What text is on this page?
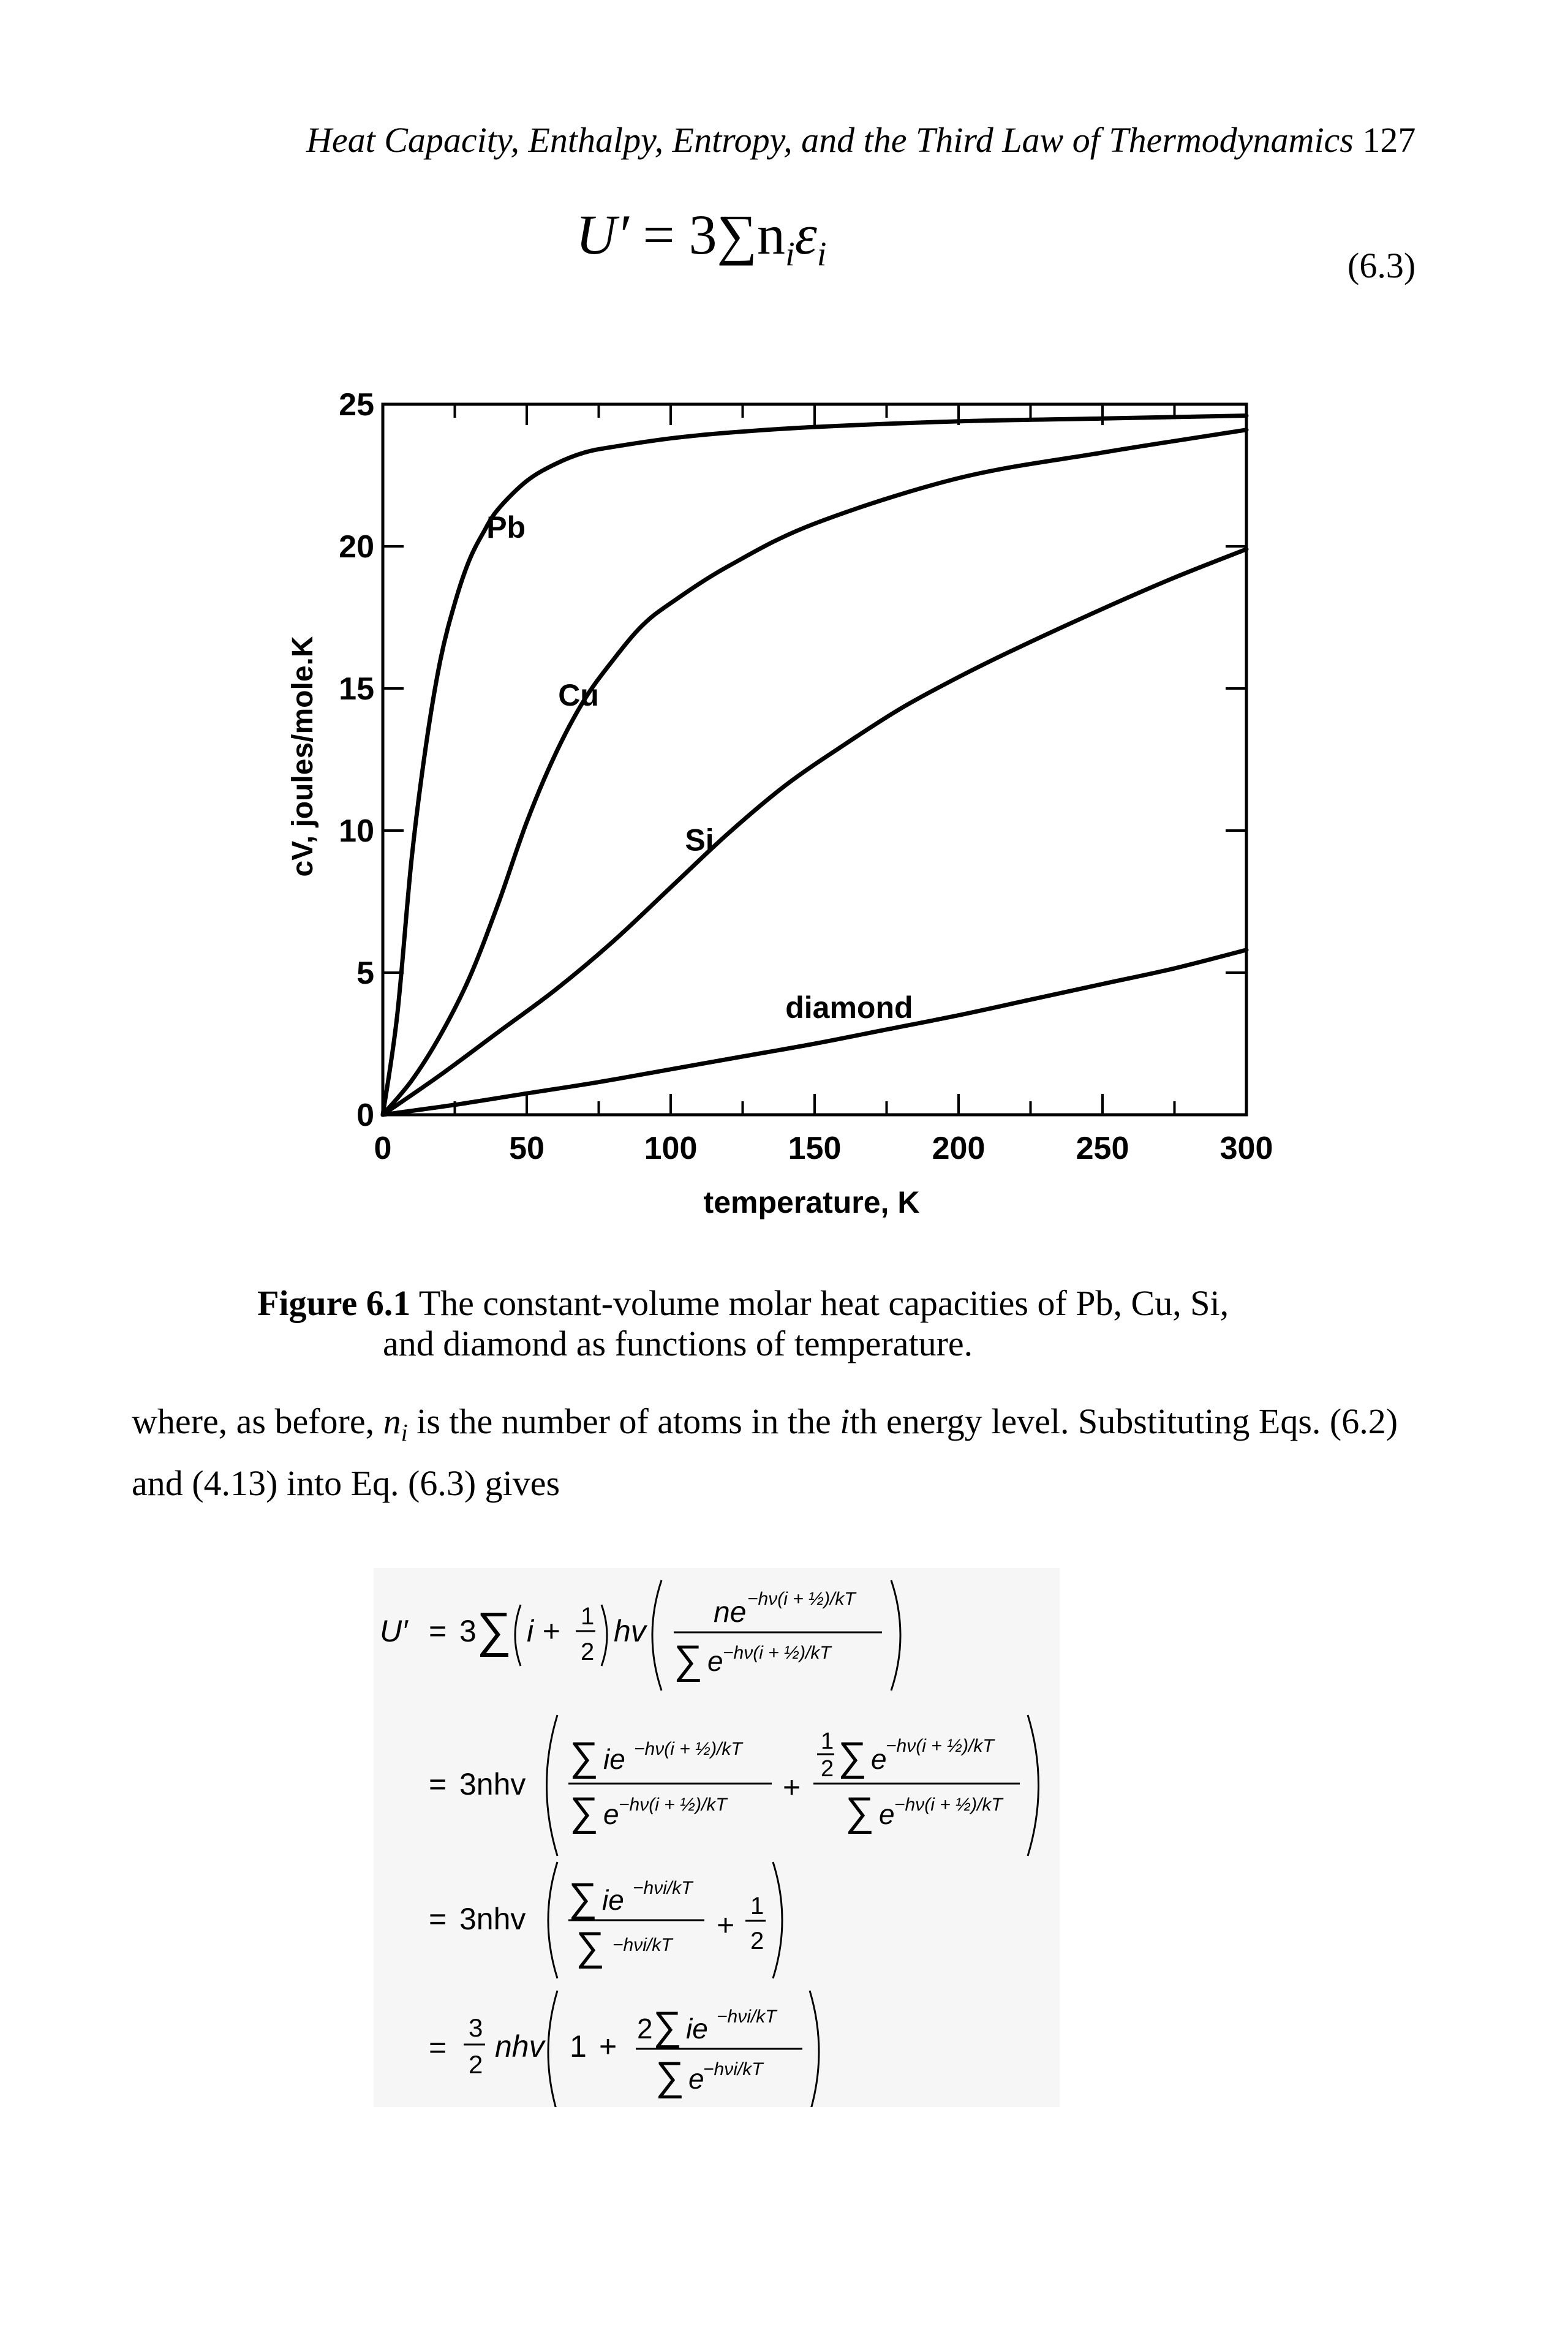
Heat Capacity, Enthalpy, Entropy, and the Third Law of Thermodynamics 127
$U' = 3\sum n_i\varepsilon_i$	(6.3)
0	50	100	150	200	250	300
0
5
10
15
20
25
Pb
Cu
Si
diamond
cV, joules/mole.K
temperature, K
Figure 6.1 The constant-volume molar heat capacities of Pb, Cu, Si,
and diamond as functions of temperature.
where, as before, $n_i$ is the number of atoms in the ith energy level. Substituting Eqs. (6.2)
and (4.13) into Eq. (6.3) gives
U′ = 3 ∑ i + 1
2
hv
ne −hν(i + ½)/kT
∑ e −hν(i + ½)/kT
= 3nhv
∑ ie −hν(i + ½)/kT
∑ e −hν(i + ½)/kT
+
1
2 ∑ e
−hν(i + ½)/kT
∑ e −hν(i + ½)/kT
= 3nhv ∑ ie −hνi/kT
∑ −hνi/kT
+
1
2
=
3
2
nhv 1 +
2 ∑ ie −hνi/kT
∑ e
−hνi/kT
